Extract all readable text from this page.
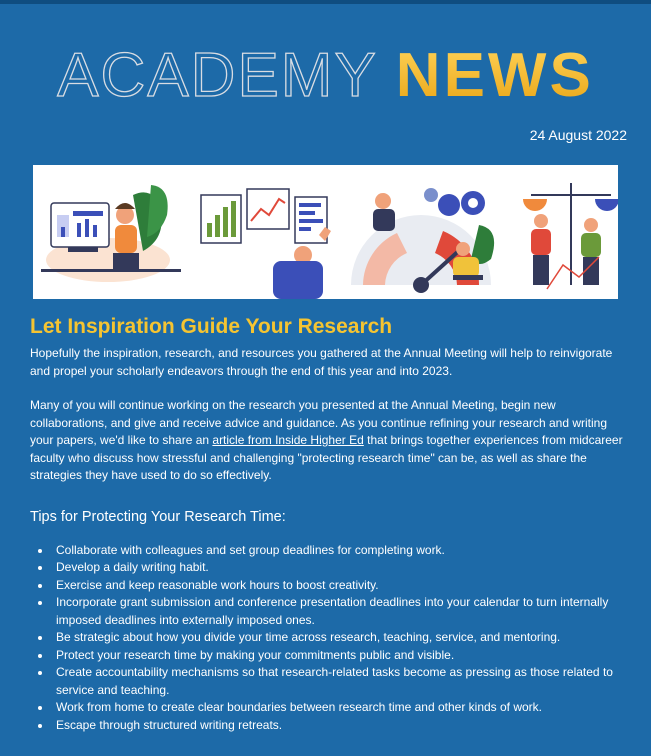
ACADEMY NEWS
24 August 2022
Let Inspiration Guide Your Research

Hopefully the inspiration, research, and resources you gathered at the Annual Meeting will help to reinvigorate and propel your scholarly endeavors through the end of this year and into 2023.

Many of you will continue working on the research you presented at the Annual Meeting, begin new collaborations, and give and receive advice and guidance. As you continue refining your research and writing your papers, we'd like to share an article from Inside Higher Ed that brings together experiences from midcareer faculty who discuss how stressful and challenging "protecting research time" can be, as well as share the strategies they have used to do so effectively.

Tips for Protecting Your Research Time:
Collaborate with colleagues and set group deadlines for completing work.
Develop a daily writing habit.
Exercise and keep reasonable work hours to boost creativity.
Incorporate grant submission and conference presentation deadlines into your calendar to turn internally imposed deadlines into externally imposed ones.
Be strategic about how you divide your time across research, teaching, service, and mentoring.
Protect your research time by making your commitments public and visible.
Create accountability mechanisms so that research-related tasks become as pressing as those related to service and teaching.
Work from home to create clear boundaries between research time and other kinds of work.
Escape through structured writing retreats.
